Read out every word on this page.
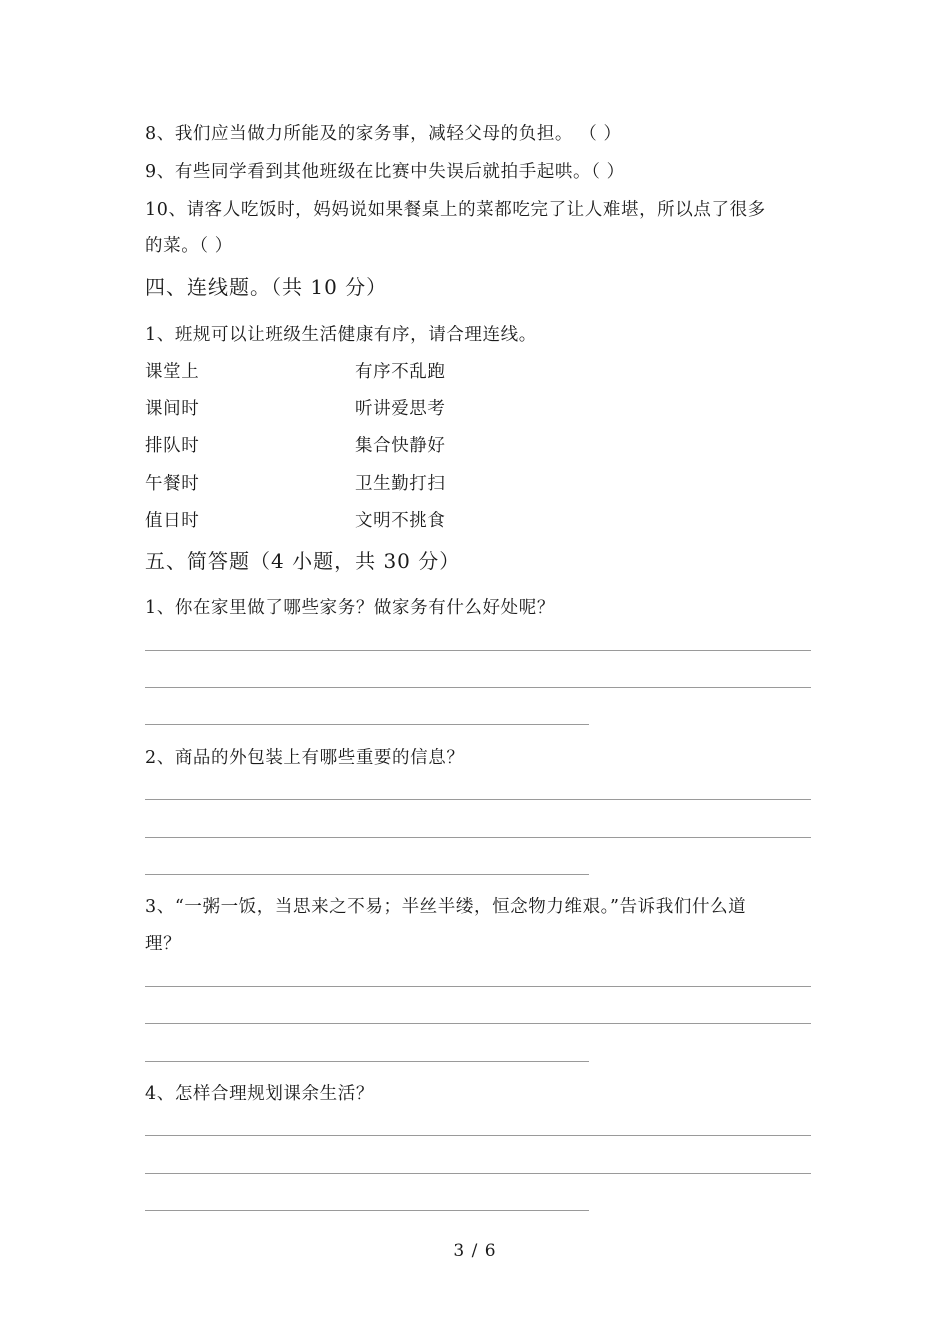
8、我们应当做力所能及的家务事，减轻父母的负担。 （ ）
9、有些同学看到其他班级在比赛中失误后就拍手起哄。（ ）
10、请客人吃饭时，妈妈说如果餐桌上的菜都吃完了让人难堪，所以点了很多
的菜。（ ）
四、连线题。（共 10 分）
1、班规可以让班级生活健康有序，请合理连线。
课堂上	有序不乱跑
课间时	听讲爱思考
排队时	集合快静好
午餐时	卫生勤打扫
值日时	文明不挑食
五、简答题（4 小题，共 30 分）
1、你在家里做了哪些家务？做家务有什么好处呢？
2、商品的外包装上有哪些重要的信息？
3、“一粥一饭，当思来之不易；半丝半缕，恒念物力维艰。”告诉我们什么道
理？
4、怎样合理规划课余生活？
3 / 6
